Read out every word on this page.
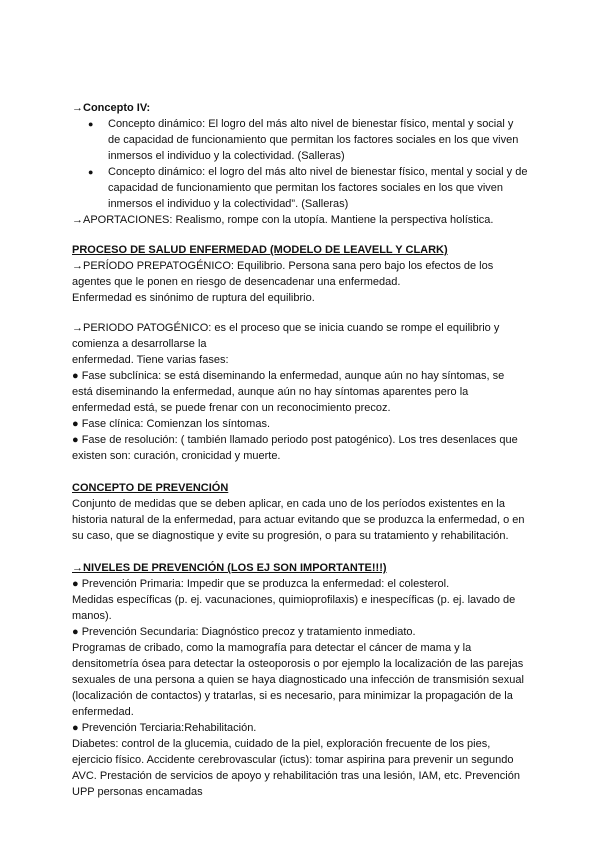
→Concepto IV:

● Concepto dinámico: El logro del más alto nivel de bienestar físico, mental y social y de capacidad de funcionamiento que permitan los factores sociales en los que viven inmersos el individuo y la colectividad. (Salleras)
● Concepto dinámico: el logro del más alto nivel de bienestar físico, mental y social y de capacidad de funcionamiento que permitan los factores sociales en los que viven inmersos el individuo y la colectividad”. (Salleras)

→APORTACIONES: Realismo, rompe con la utopía. Mantiene la perspectiva holística.

PROCESO DE SALUD ENFERMEDAD (MODELO DE LEAVELL Y CLARK)

→PERÍODO PREPATOGÉNICO: Equilibrio. Persona sana pero bajo los efectos de los agentes que le ponen en riesgo de desencadenar una enfermedad.

Enfermedad es sinónimo de ruptura del equilibrio.

→PERIODO PATOGÉNICO: es el proceso que se inicia cuando se rompe el equilibrio y comienza a desarrollarse la

enfermedad. Tiene varias fases:

● Fase subclínica: se está diseminando la enfermedad, aunque aún no hay síntomas, se está diseminando la enfermedad, aunque aún no hay síntomas aparentes pero la enfermedad está, se puede frenar con un reconocimiento precoz.

● Fase clínica: Comienzan los síntomas.

● Fase de resolución: ( también llamado periodo post patogénico). Los tres desenlaces que existen son: curación, cronicidad y muerte.

CONCEPTO DE PREVENCIÓN

Conjunto de medidas que se deben aplicar, en cada uno de los períodos existentes en la historia natural de la enfermedad, para actuar evitando que se produzca la enfermedad, o en su caso, que se diagnostique y evite su progresión, o para su tratamiento y rehabilitación.

→NIVELES DE PREVENCIÓN (LOS EJ SON IMPORTANTE!!!)

● Prevención Primaria: Impedir que se produzca la enfermedad: el colesterol.

Medidas específicas (p. ej. vacunaciones, quimioprofilaxis) e inespecíficas (p. ej. lavado de manos).

● Prevención Secundaria: Diagnóstico precoz y tratamiento inmediato.

Programas de cribado, como la mamografía para detectar el cáncer de mama y la densitometría ósea para detectar la osteoporosis o por ejemplo la localización de las parejas sexuales de una persona a quien se haya diagnosticado una infección de transmisión sexual (localización de contactos) y tratarlas, si es necesario, para minimizar la propagación de la enfermedad.

● Prevención Terciaria:Rehabilitación.

Diabetes: control de la glucemia, cuidado de la piel, exploración frecuente de los pies, ejercicio físico. Accidente cerebrovascular (ictus): tomar aspirina para prevenir un segundo AVC. Prestación de servicios de apoyo y rehabilitación tras una lesión, IAM, etc. Prevención UPP personas encamadas
